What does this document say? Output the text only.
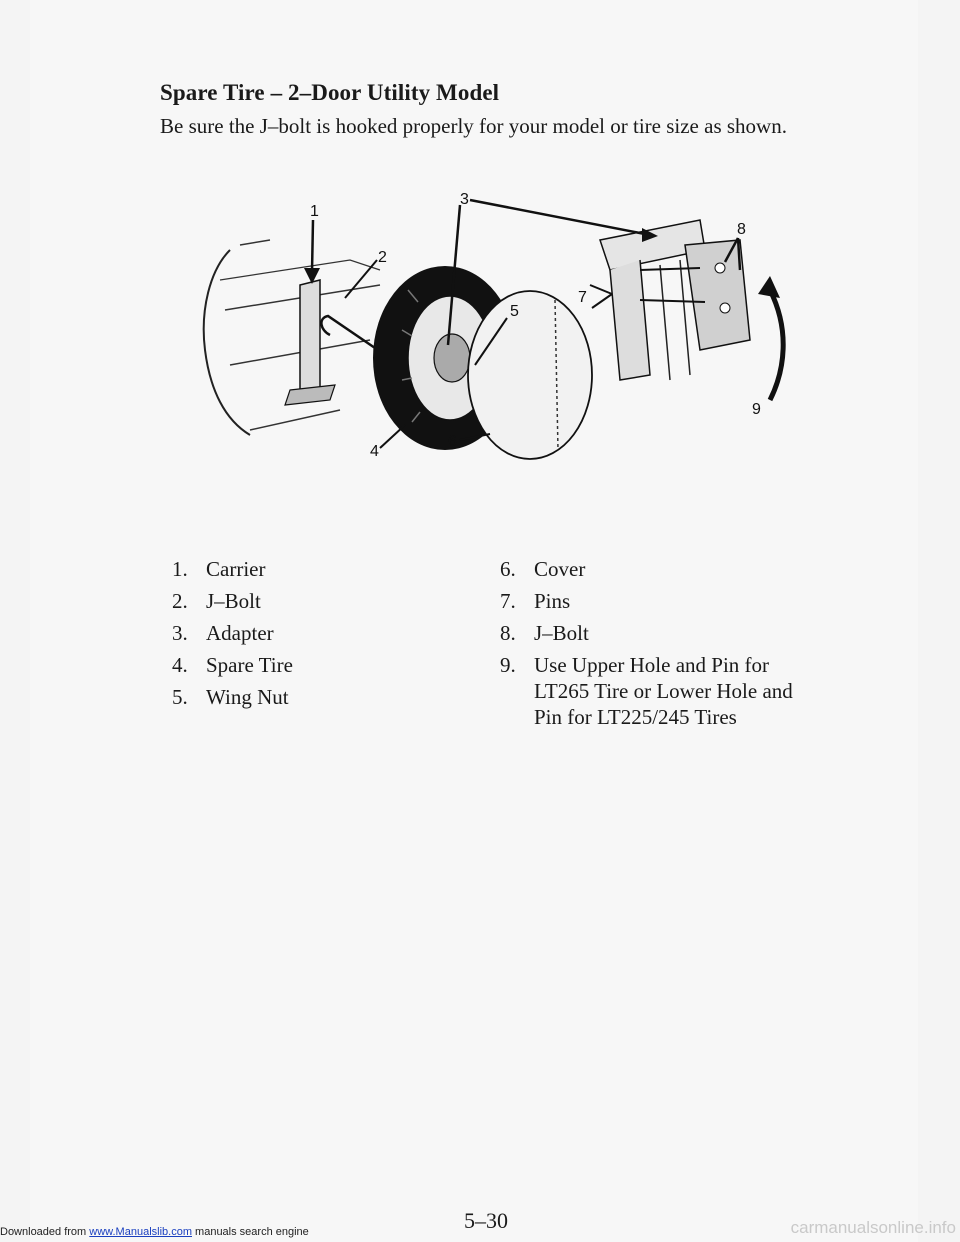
Spare Tire – 2–Door Utility Model
Be sure the J–bolt is hooked properly for your model or tire size as shown.
1
2
3
4
5
6
7
8
9
1. Carrier
2. J–Bolt
3. Adapter
4. Spare Tire
5. Wing Nut
6. Cover
7. Pins
8. J–Bolt
9. Use Upper Hole and Pin for LT265 Tire or Lower Hole and Pin for LT225/245 Tires
5–30
Downloaded from www.Manualslib.com manuals search engine	carmanualsonline.info
